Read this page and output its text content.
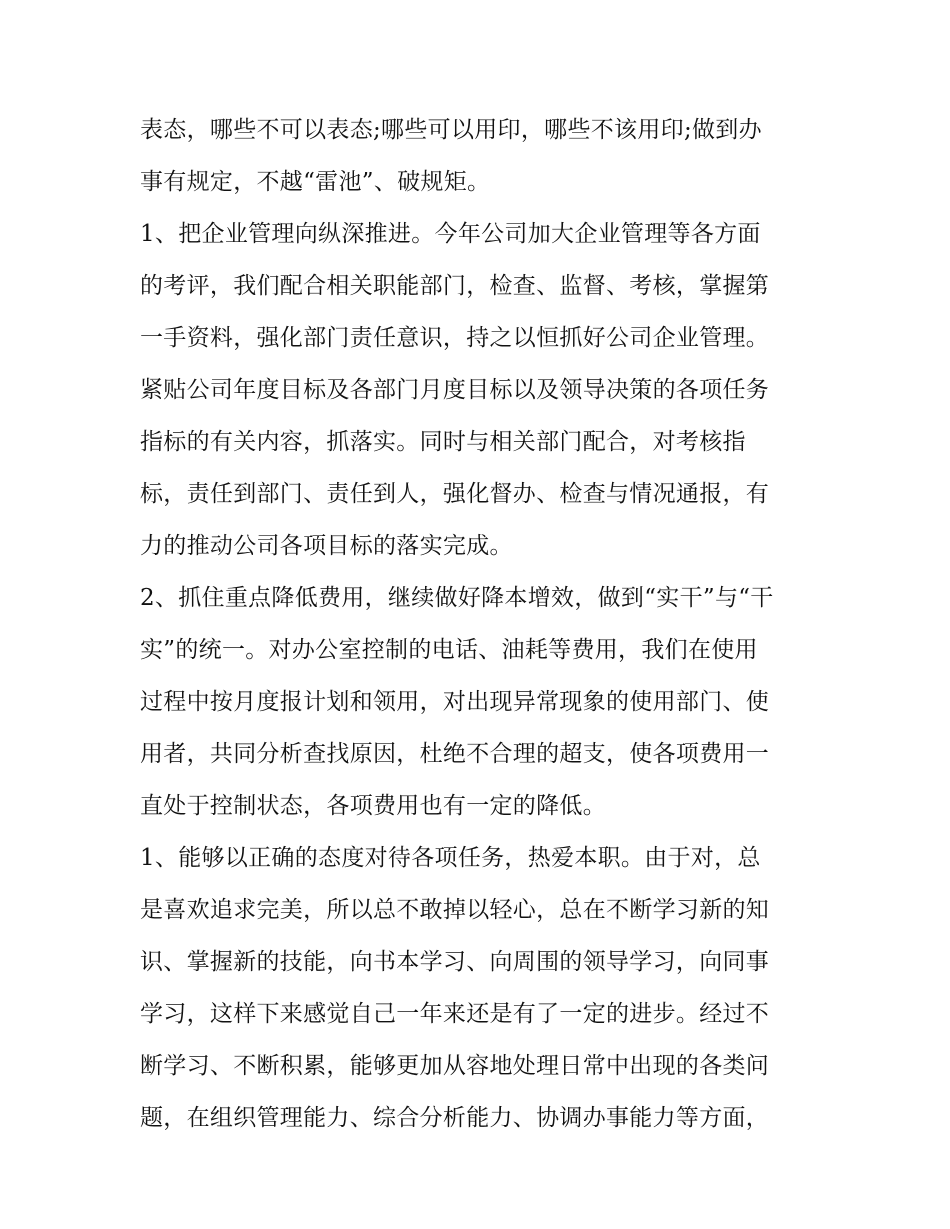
表态，哪些不可以表态;哪些可以用印，哪些不该用印;做到办
事有规定，不越“雷池”、破规矩。
1、把企业管理向纵深推进。今年公司加大企业管理等各方面
的考评，我们配合相关职能部门，检查、监督、考核，掌握第
一手资料，强化部门责任意识，持之以恒抓好公司企业管理。
紧贴公司年度目标及各部门月度目标以及领导决策的各项任务
指标的有关内容，抓落实。同时与相关部门配合，对考核指
标，责任到部门、责任到人，强化督办、检查与情况通报，有
力的推动公司各项目标的落实完成。
2、抓住重点降低费用，继续做好降本增效，做到“实干”与“干
实”的统一。对办公室控制的电话、油耗等费用，我们在使用
过程中按月度报计划和领用，对出现异常现象的使用部门、使
用者，共同分析查找原因，杜绝不合理的超支，使各项费用一
直处于控制状态，各项费用也有一定的降低。
1、能够以正确的态度对待各项任务，热爱本职。由于对，总
是喜欢追求完美，所以总不敢掉以轻心，总在不断学习新的知
识、掌握新的技能，向书本学习、向周围的领导学习，向同事
学习，这样下来感觉自己一年来还是有了一定的进步。经过不
断学习、不断积累，能够更加从容地处理日常中出现的各类问
题，在组织管理能力、综合分析能力、协调办事能力等方面，
